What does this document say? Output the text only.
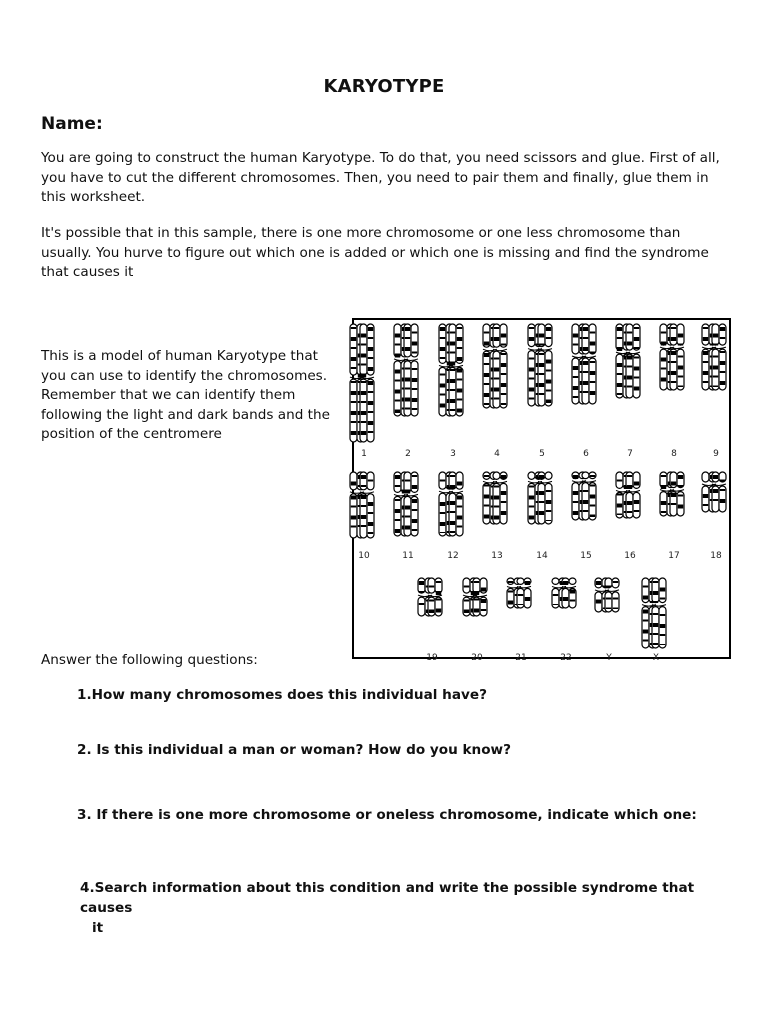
KARYOTYPE
Name:

You are going to construct the human Karyotype. To do that, you need scissors and glue. First of all, you have to cut the different chromosomes. Then, you need to pair them and finally, glue them in this worksheet.

It's possible that in this sample, there is one more chromosome or one less chromosome than usually. You hurve to figure out which one is added or which one is missing and find the syndrome that causes it

This is a model of human Karyotype that you can use to identify the chromosomes. Remember that we can identify them following the light and dark bands and the position of the centromere

1	2	3	4	5	6	7	8	9
10	11	12	13	14	15	16	17	18
19	20	21	22	Y	X

Answer the following questions:

1.How many chromosomes does this individual have?

2. Is this individual a man or woman? How do you know?

3. If there is one more chromosome or oneless chromosome, indicate which one:

4.Search information about this condition and write the possible syndrome that causes
it
